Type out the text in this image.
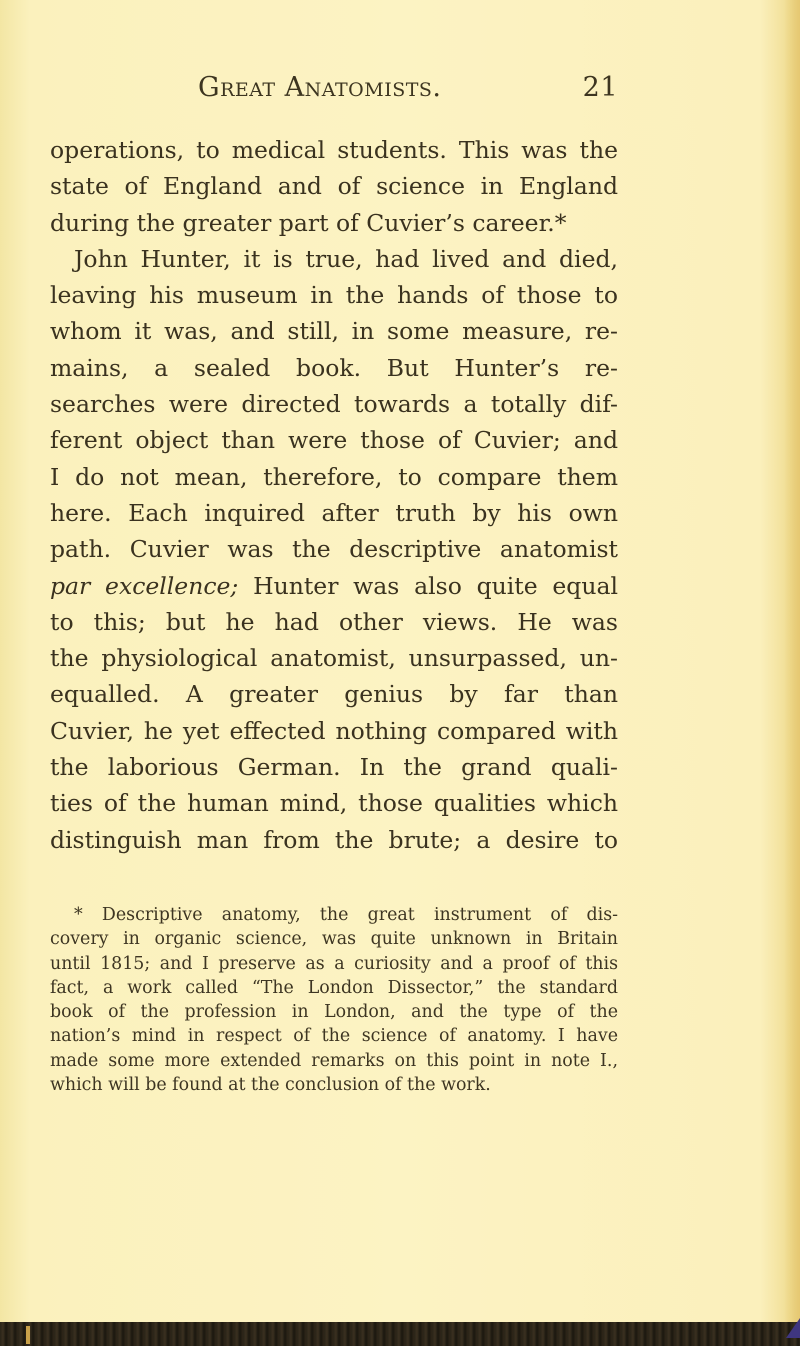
Great Anatomists.	21
operations, to medical students. This was the
state of England and of science in England
during the greater part of Cuvier’s career.*
John Hunter, it is true, had lived and died,
leaving his museum in the hands of those to
whom it was, and still, in some measure, re-
mains, a sealed book. But Hunter’s re-
searches were directed towards a totally dif-
ferent object than were those of Cuvier; and
I do not mean, therefore, to compare them
here. Each inquired after truth by his own
path. Cuvier was the descriptive anatomist
par excellence; Hunter was also quite equal
to this; but he had other views. He was
the physiological anatomist, unsurpassed, un-
equalled. A greater genius by far than
Cuvier, he yet effected nothing compared with
the laborious German. In the grand quali-
ties of the human mind, those qualities which
distinguish man from the brute; a desire to
* Descriptive anatomy, the great instrument of dis-
covery in organic science, was quite unknown in Britain
until 1815; and I preserve as a curiosity and a proof of this
fact, a work called “The London Dissector,” the standard
book of the profession in London, and the type of the
nation’s mind in respect of the science of anatomy. I have
made some more extended remarks on this point in note I.,
which will be found at the conclusion of the work.
